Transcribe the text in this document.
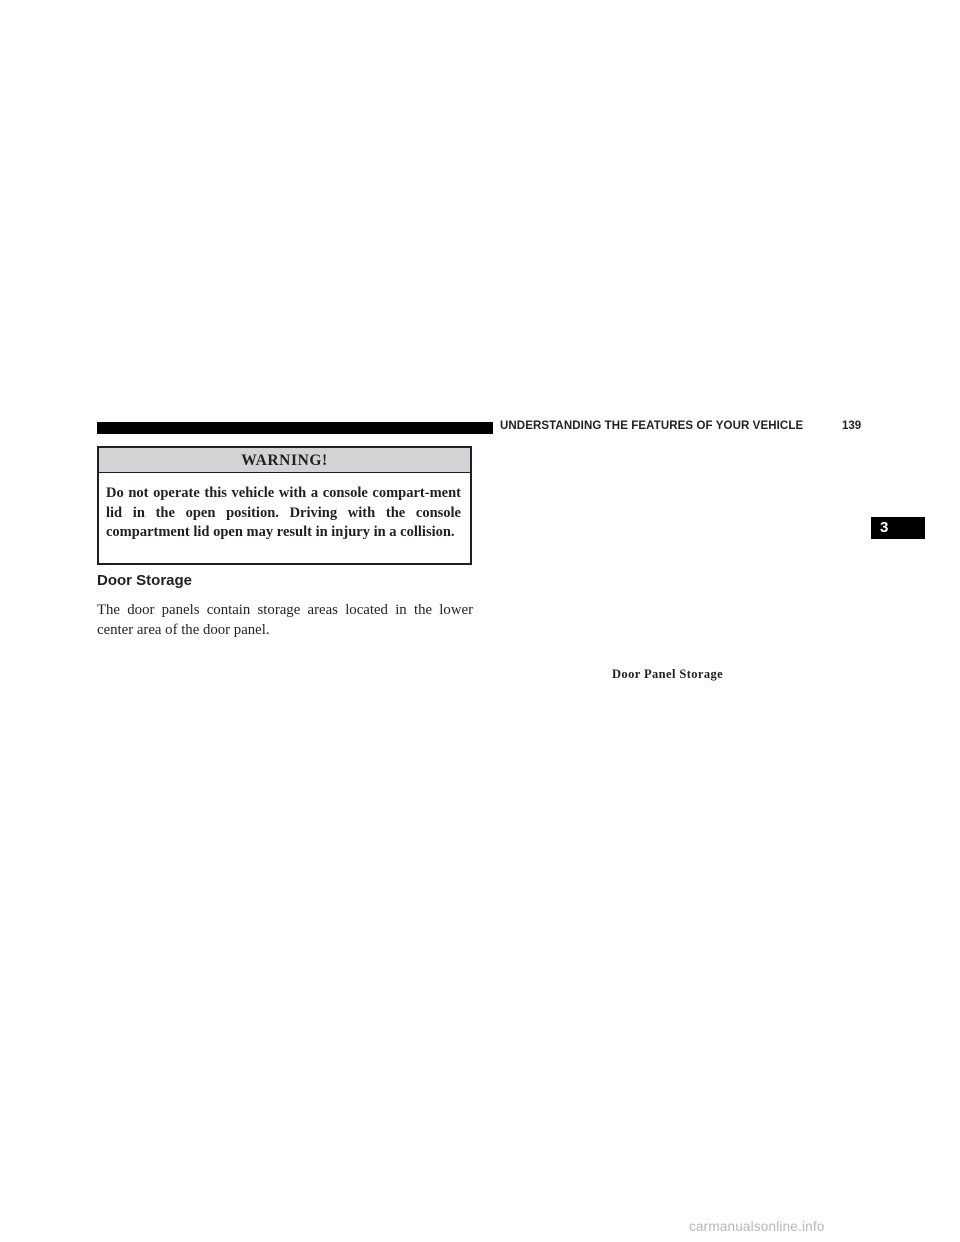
UNDERSTANDING THE FEATURES OF YOUR VEHICLE	139
WARNING!
Do not operate this vehicle with a console compart-ment lid in the open position. Driving with the console compartment lid open may result in injury in a collision.
Door Storage
The door panels contain storage areas located in the lower center area of the door panel.
Door Panel Storage
3
carmanualsonline.info
